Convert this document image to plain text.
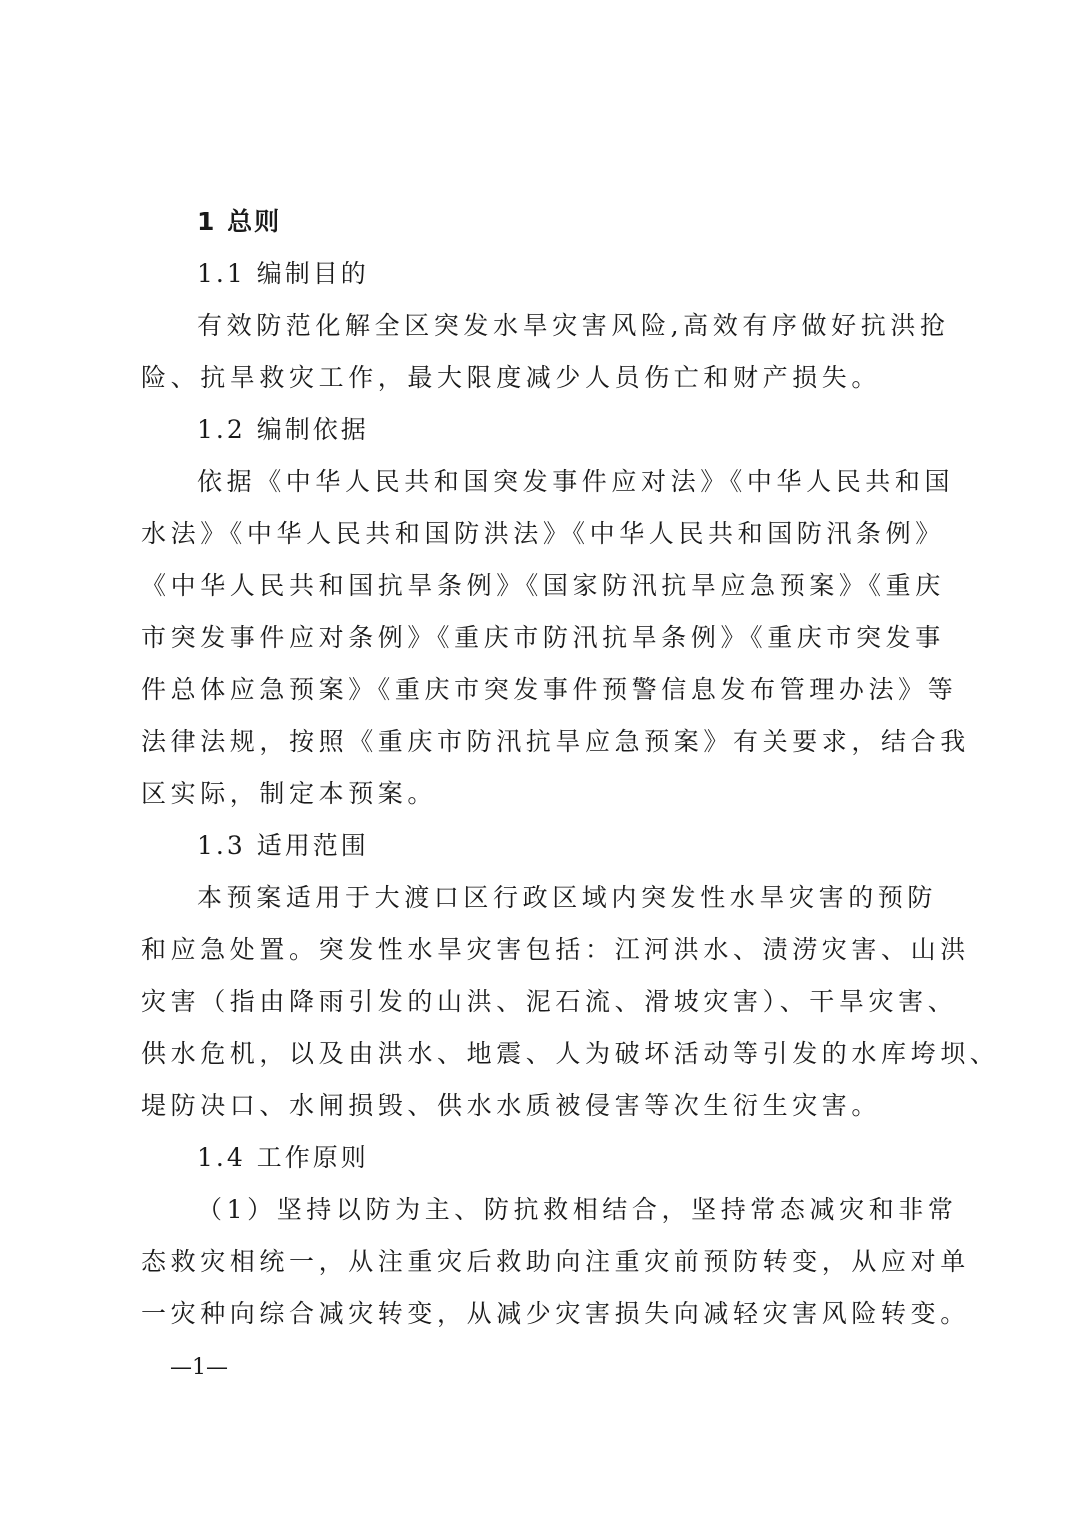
1 总则
1.1 编制目的
有效防范化解全区突发水旱灾害风险,高效有序做好抗洪抢
险、抗旱救灾工作，最大限度减少人员伤亡和财产损失。
1.2 编制依据
依据《中华人民共和国突发事件应对法》《中华人民共和国
水法》《中华人民共和国防洪法》《中华人民共和国防汛条例》
《中华人民共和国抗旱条例》《国家防汛抗旱应急预案》《重庆
市突发事件应对条例》《重庆市防汛抗旱条例》《重庆市突发事
件总体应急预案》《重庆市突发事件预警信息发布管理办法》等
法律法规，按照《重庆市防汛抗旱应急预案》有关要求，结合我
区实际，制定本预案。
1.3 适用范围
本预案适用于大渡口区行政区域内突发性水旱灾害的预防
和应急处置。突发性水旱灾害包括：江河洪水、渍涝灾害、山洪
灾害（指由降雨引发的山洪、泥石流、滑坡灾害）、干旱灾害、
供水危机，以及由洪水、地震、人为破坏活动等引发的水库垮坝、
堤防决口、水闸损毁、供水水质被侵害等次生衍生灾害。
1.4 工作原则
（1）坚持以防为主、防抗救相结合，坚持常态减灾和非常
态救灾相统一，从注重灾后救助向注重灾前预防转变，从应对单
一灾种向综合减灾转变，从减少灾害损失向减轻灾害风险转变。
—1—
